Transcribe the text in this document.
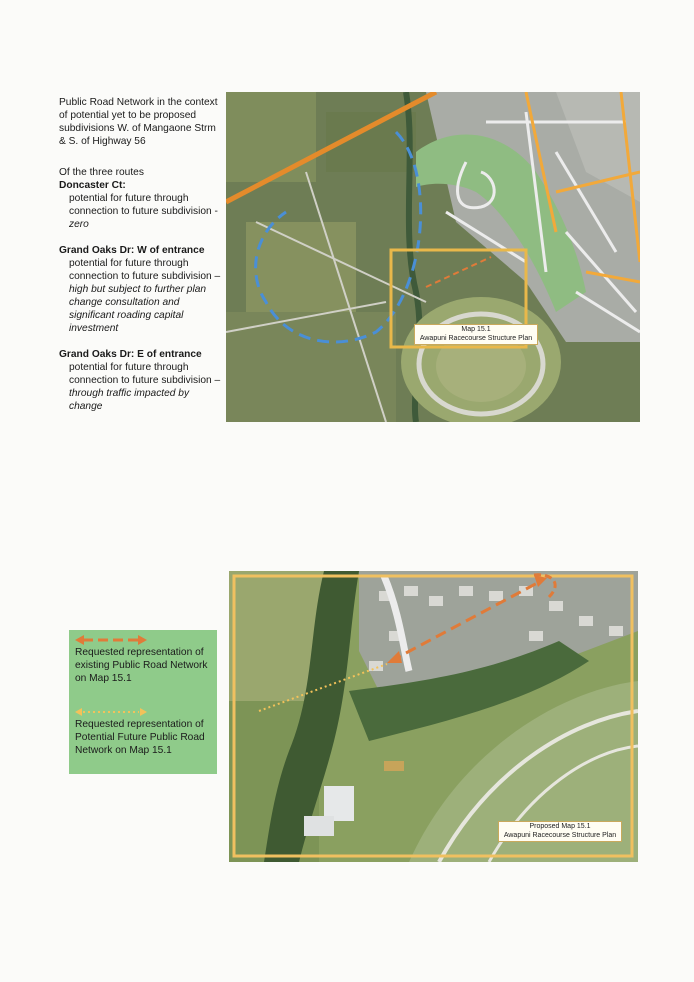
Public Road Network in the context of potential yet to be proposed subdivisions W. of Mangaone Strm & S. of Highway 56
Of the three routes
Doncaster Ct:
potential for future through connection to future subdivision - zero
Grand Oaks Dr: W of entrance
potential for future through connection to future subdivision – high but subject to further plan change consultation and significant roading capital investment
Grand Oaks Dr: E of entrance
potential for future through connection to future subdivision – through traffic impacted by change
Map 15.1
Awapuni Racecourse Structure Plan
Requested representation of existing Public Road Network on Map 15.1
Requested representation of Potential Future Public Road Network on Map 15.1
Proposed Map 15.1
Awapuni Racecourse Structure Plan
